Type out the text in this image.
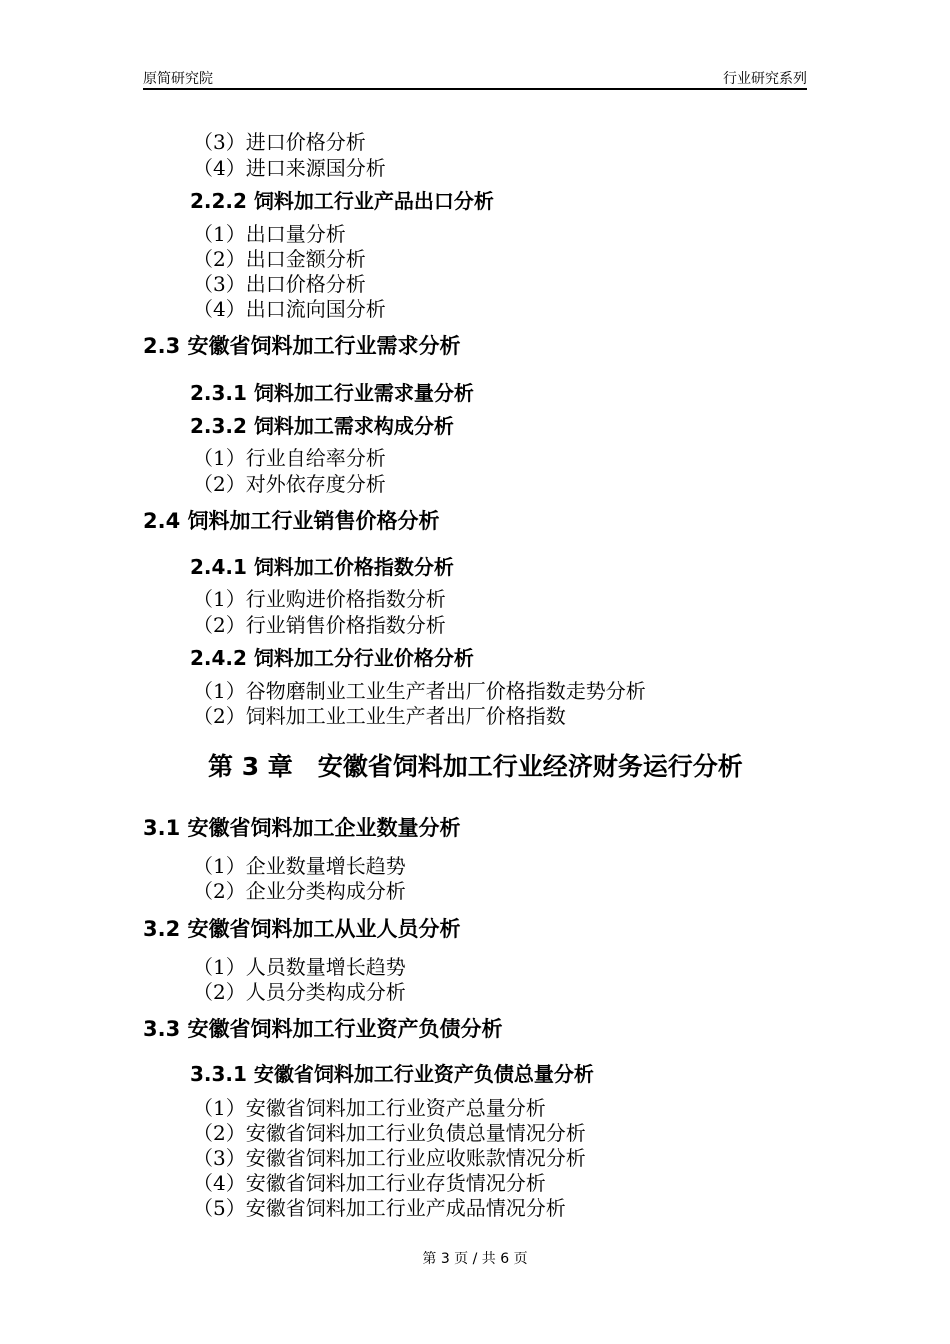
原简研究院	行业研究系列
（3）进口价格分析
（4）进口来源国分析
2.2.2 饲料加工行业产品出口分析
（1）出口量分析
（2）出口金额分析
（3）出口价格分析
（4）出口流向国分析
2.3 安徽省饲料加工行业需求分析
2.3.1 饲料加工行业需求量分析
2.3.2 饲料加工需求构成分析
（1）行业自给率分析
（2）对外依存度分析
2.4 饲料加工行业销售价格分析
2.4.1 饲料加工价格指数分析
（1）行业购进价格指数分析
（2）行业销售价格指数分析
2.4.2 饲料加工分行业价格分析
（1）谷物磨制业工业生产者出厂价格指数走势分析
（2）饲料加工业工业生产者出厂价格指数
第 3 章　安徽省饲料加工行业经济财务运行分析
3.1 安徽省饲料加工企业数量分析
（1）企业数量增长趋势
（2）企业分类构成分析
3.2 安徽省饲料加工从业人员分析
（1）人员数量增长趋势
（2）人员分类构成分析
3.3 安徽省饲料加工行业资产负债分析
3.3.1 安徽省饲料加工行业资产负债总量分析
（1）安徽省饲料加工行业资产总量分析
（2）安徽省饲料加工行业负债总量情况分析
（3）安徽省饲料加工行业应收账款情况分析
（4）安徽省饲料加工行业存货情况分析
（5）安徽省饲料加工行业产成品情况分析
第 3 页 / 共 6 页
